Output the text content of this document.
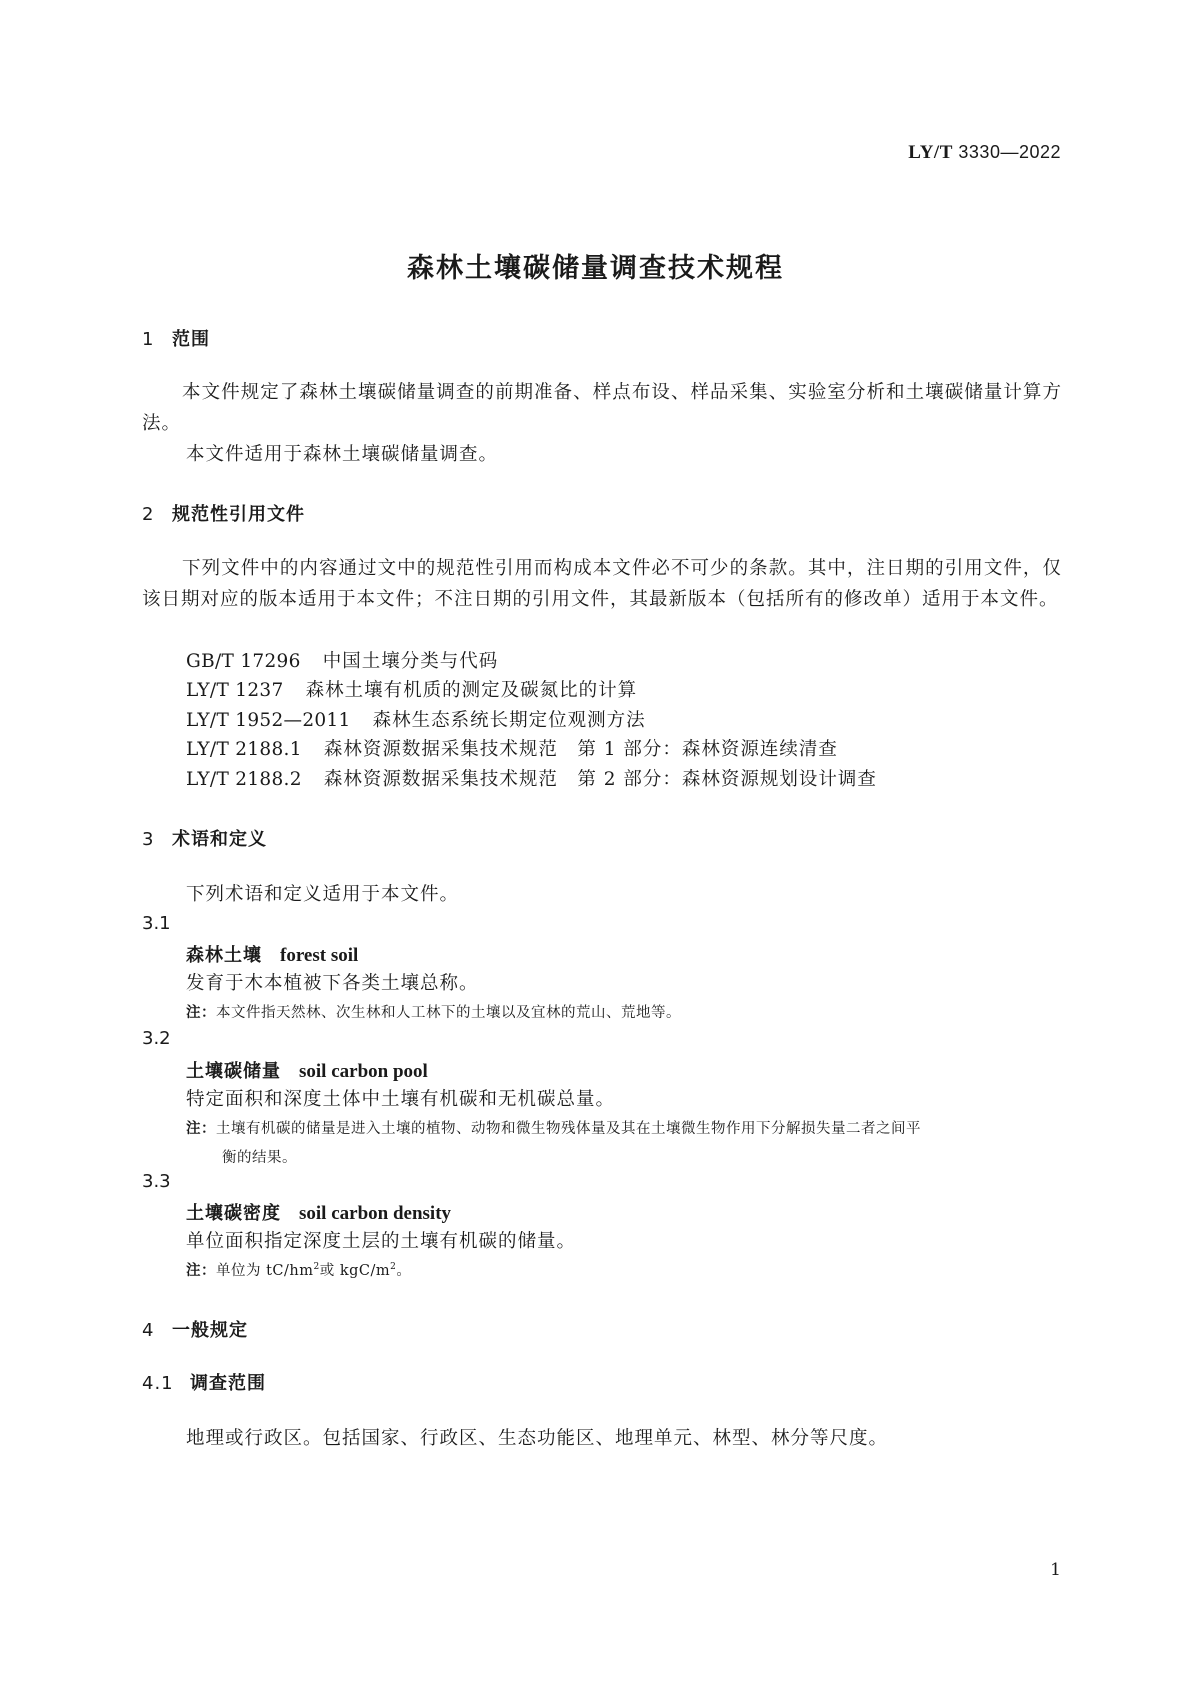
LY/T 3330—2022
森林土壤碳储量调查技术规程
1 范围
本文件规定了森林土壤碳储量调查的前期准备、样点布设、样品采集、实验室分析和土壤碳储量计算方法。
本文件适用于森林土壤碳储量调查。
2 规范性引用文件
下列文件中的内容通过文中的规范性引用而构成本文件必不可少的条款。其中，注日期的引用文件，仅该日期对应的版本适用于本文件；不注日期的引用文件，其最新版本（包括所有的修改单）适用于本文件。
GB/T 17296 中国土壤分类与代码
LY/T 1237 森林土壤有机质的测定及碳氮比的计算
LY/T 1952—2011 森林生态系统长期定位观测方法
LY/T 2188.1 森林资源数据采集技术规范　第 1 部分：森林资源连续清查
LY/T 2188.2 森林资源数据采集技术规范　第 2 部分：森林资源规划设计调查
3 术语和定义
下列术语和定义适用于本文件。
3.1
森林土壤 forest soil
发育于木本植被下各类土壤总称。
注：本文件指天然林、次生林和人工林下的土壤以及宜林的荒山、荒地等。
3.2
土壤碳储量 soil carbon pool
特定面积和深度土体中土壤有机碳和无机碳总量。
注：土壤有机碳的储量是进入土壤的植物、动物和微生物残体量及其在土壤微生物作用下分解损失量二者之间平
衡的结果。
3.3
土壤碳密度 soil carbon density
单位面积指定深度土层的土壤有机碳的储量。
注：单位为 $tC/hm^2$或 kgC/$m^2$。
4 一般规定
4.1 调查范围
地理或行政区。包括国家、行政区、生态功能区、地理单元、林型、林分等尺度。
1
